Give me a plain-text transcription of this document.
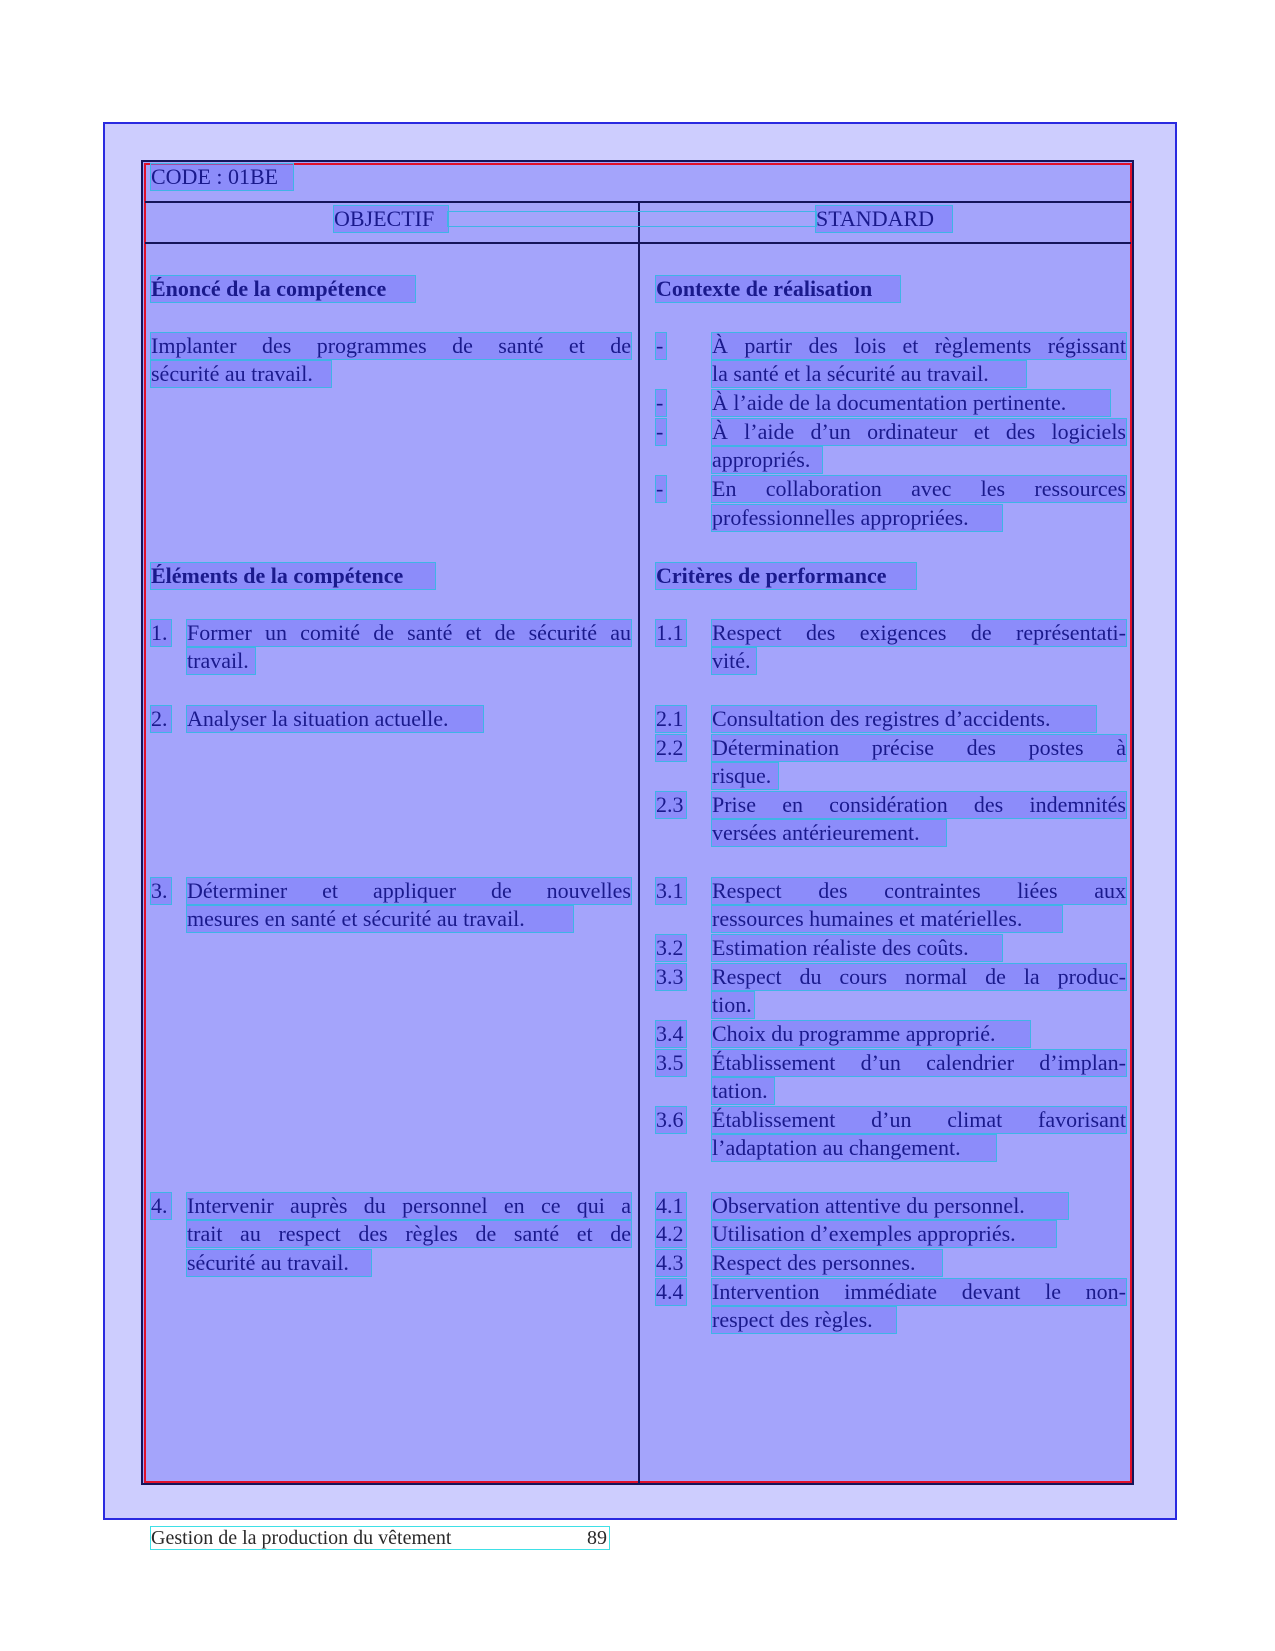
CODE : 01BE
OBJECTIF	STANDARD
Énoncé de la compétence
Implanter des programmes de santé et de
sécurité au travail.
Éléments de la compétence
1. Former un comité de santé et de sécurité au
travail.
2. Analyser la situation actuelle.
3. Déterminer et appliquer de nouvelles
mesures en santé et sécurité au travail.
4. Intervenir auprès du personnel en ce qui a
trait au respect des règles de santé et de
sécurité au travail.
Contexte de réalisation
- À partir des lois et règlements régissant
la santé et la sécurité au travail.
- À l’aide de la documentation pertinente.
- À l’aide d’un ordinateur et des logiciels
appropriés.
- En collaboration avec les ressources
professionnelles appropriées.
Critères de performance
1.1 Respect des exigences de représentati-
vité.
2.1 Consultation des registres d’accidents.
2.2 Détermination précise des postes à
risque.
2.3 Prise en considération des indemnités
versées antérieurement.
3.1 Respect des contraintes liées aux
ressources humaines et matérielles.
3.2 Estimation réaliste des coûts.
3.3 Respect du cours normal de la produc-
tion.
3.4 Choix du programme approprié.
3.5 Établissement d’un calendrier d’implan-
tation.
3.6 Établissement d’un climat favorisant
l’adaptation au changement.
4.1 Observation attentive du personnel.
4.2 Utilisation d’exemples appropriés.
4.3 Respect des personnes.
4.4 Intervention immédiate devant le non-
respect des règles.
Gestion de la production du vêtement	89
